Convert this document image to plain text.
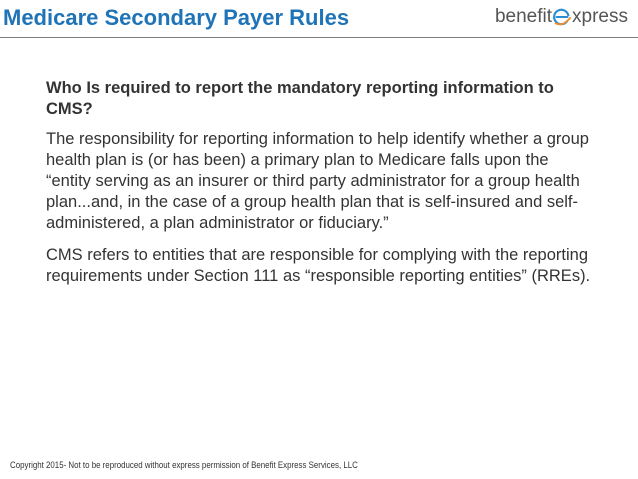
Medicare Secondary Payer Rules	benefit xpress

Who Is required to report the mandatory reporting information to CMS?

The responsibility for reporting information to help identify whether a group health plan is (or has been) a primary plan to Medicare falls upon the “entity serving as an insurer or third party administrator for a group health plan...and, in the case of a group health plan that is self-insured and self-administered, a plan administrator or fiduciary.”

CMS refers to entities that are responsible for complying with the reporting requirements under Section 111 as “responsible reporting entities” (RREs).

Copyright 2015- Not to be reproduced without express permission of Benefit Express Services, LLC
